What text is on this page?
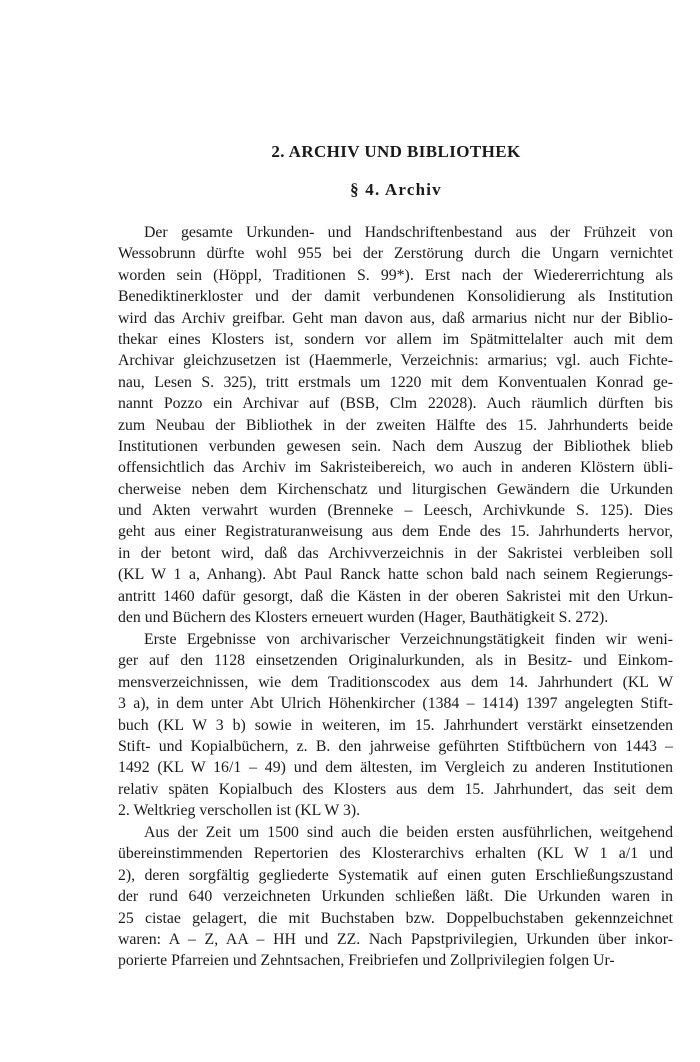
2. ARCHIV UND BIBLIOTHEK
§ 4. Archiv
Der gesamte Urkunden- und Handschriftenbestand aus der Frühzeit von
Wessobrunn dürfte wohl 955 bei der Zerstörung durch die Ungarn vernichtet
worden sein (Höppl, Traditionen S. 99*). Erst nach der Wiedererrichtung als
Benediktinerkloster und der damit verbundenen Konsolidierung als Institution
wird das Archiv greifbar. Geht man davon aus, daß armarius nicht nur der Biblio-
thekar eines Klosters ist, sondern vor allem im Spätmittelalter auch mit dem
Archivar gleichzusetzen ist (Haemmerle, Verzeichnis: armarius; vgl. auch Fichte-
nau, Lesen S. 325), tritt erstmals um 1220 mit dem Konventualen Konrad ge-
nannt Pozzo ein Archivar auf (BSB, Clm 22028). Auch räumlich dürften bis
zum Neubau der Bibliothek in der zweiten Hälfte des 15. Jahrhunderts beide
Institutionen verbunden gewesen sein. Nach dem Auszug der Bibliothek blieb
offensichtlich das Archiv im Sakristeibereich, wo auch in anderen Klöstern übli-
cherweise neben dem Kirchenschatz und liturgischen Gewändern die Urkunden
und Akten verwahrt wurden (Brenneke – Leesch, Archivkunde S. 125). Dies
geht aus einer Registraturanweisung aus dem Ende des 15. Jahrhunderts hervor,
in der betont wird, daß das Archivverzeichnis in der Sakristei verbleiben soll
(KL W 1 a, Anhang). Abt Paul Ranck hatte schon bald nach seinem Regierungs-
antritt 1460 dafür gesorgt, daß die Kästen in der oberen Sakristei mit den Urkun-
den und Büchern des Klosters erneuert wurden (Hager, Bauthätigkeit S. 272).
Erste Ergebnisse von archivarischer Verzeichnungstätigkeit finden wir weni-
ger auf den 1128 einsetzenden Originalurkunden, als in Besitz- und Einkom-
mensverzeichnissen, wie dem Traditionscodex aus dem 14. Jahrhundert (KL W
3 a), in dem unter Abt Ulrich Höhenkircher (1384 – 1414) 1397 angelegten Stift-
buch (KL W 3 b) sowie in weiteren, im 15. Jahrhundert verstärkt einsetzenden
Stift- und Kopialbüchern, z. B. den jahrweise geführten Stiftbüchern von 1443 –
1492 (KL W 16/1 – 49) und dem ältesten, im Vergleich zu anderen Institutionen
relativ späten Kopialbuch des Klosters aus dem 15. Jahrhundert, das seit dem
2. Weltkrieg verschollen ist (KL W 3).
Aus der Zeit um 1500 sind auch die beiden ersten ausführlichen, weitgehend
übereinstimmenden Repertorien des Klosterarchivs erhalten (KL W 1 a/1 und
2), deren sorgfältig gegliederte Systematik auf einen guten Erschließungszustand
der rund 640 verzeichneten Urkunden schließen läßt. Die Urkunden waren in
25 cistae gelagert, die mit Buchstaben bzw. Doppelbuchstaben gekennzeichnet
waren: A – Z, AA – HH und ZZ. Nach Papstprivilegien, Urkunden über inkor-
porierte Pfarreien und Zehntsachen, Freibriefen und Zollprivilegien folgen Ur-
